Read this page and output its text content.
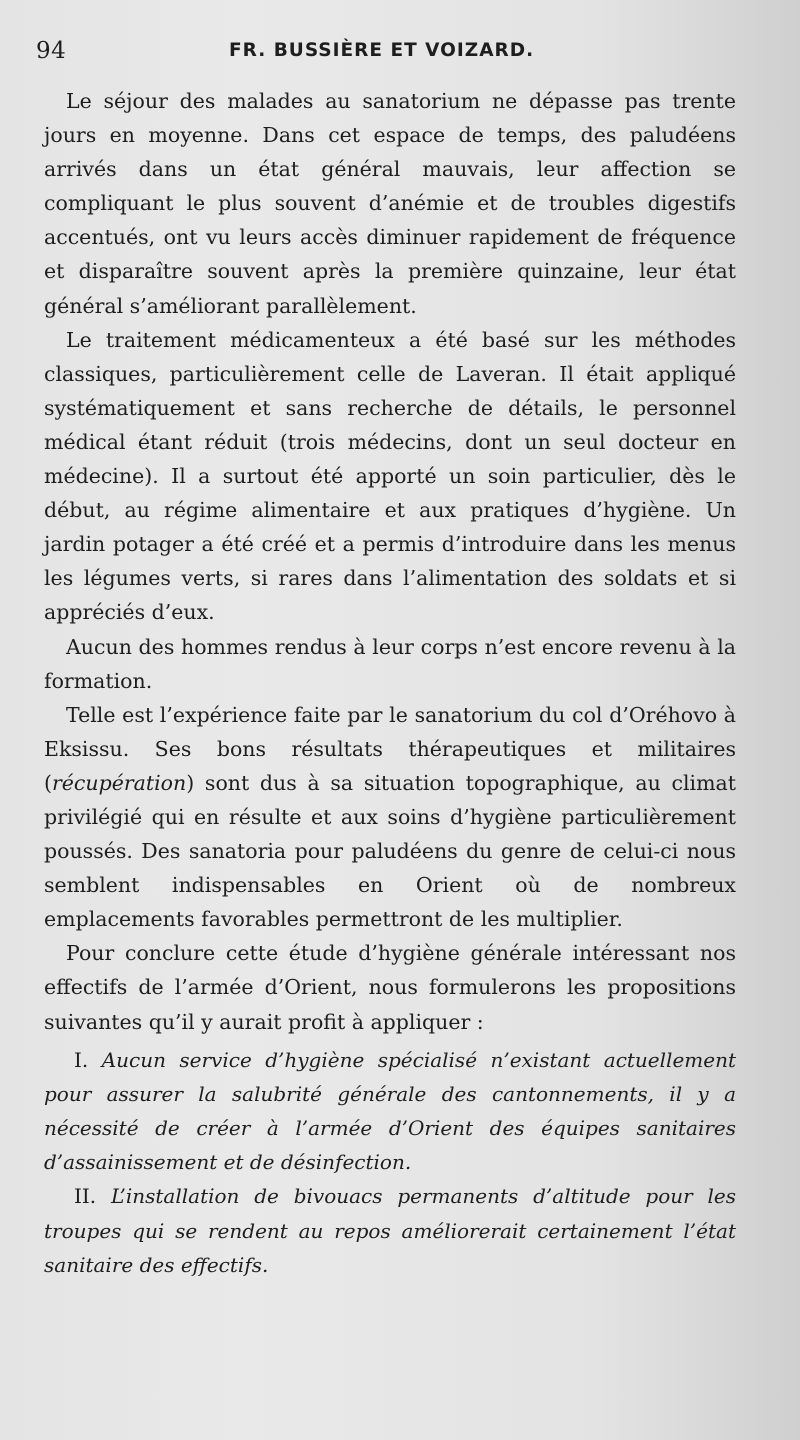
94	FR. BUSSIÈRE ET VOIZARD.

Le séjour des malades au sanatorium ne dépasse pas trente jours en moyenne. Dans cet espace de temps, des paludéens arrivés dans un état général mauvais, leur affection se compliquant le plus souvent d’anémie et de troubles digestifs accentués, ont vu leurs accès diminuer rapidement de fréquence et disparaître souvent après la première quinzaine, leur état général s’améliorant parallèlement.

Le traitement médicamenteux a été basé sur les méthodes classiques, particulièrement celle de Laveran. Il était appliqué systématiquement et sans recherche de détails, le personnel médical étant réduit (trois médecins, dont un seul docteur en médecine). Il a surtout été apporté un soin particulier, dès le début, au régime alimentaire et aux pratiques d’hygiène. Un jardin potager a été créé et a permis d’introduire dans les menus les légumes verts, si rares dans l’alimentation des soldats et si appréciés d’eux.

Aucun des hommes rendus à leur corps n’est encore revenu à la formation.

Telle est l’expérience faite par le sanatorium du col d’Oréhovo à Eksissu. Ses bons résultats thérapeutiques et militaires (récupération) sont dus à sa situation topographique, au climat privilégié qui en résulte et aux soins d’hygiène particulièrement poussés. Des sanatoria pour paludéens du genre de celui-ci nous semblent indispensables en Orient où de nombreux emplacements favorables permettront de les multiplier.

Pour conclure cette étude d’hygiène générale intéressant nos effectifs de l’armée d’Orient, nous formulerons les propositions suivantes qu’il y aurait profit à appliquer :

I. Aucun service d’hygiène spécialisé n’existant actuellement pour assurer la salubrité générale des cantonnements, il y a nécessité de créer à l’armée d’Orient des équipes sanitaires d’assainissement et de désinfection.

II. L’installation de bivouacs permanents d’altitude pour les troupes qui se rendent au repos améliorerait certainement l’état sanitaire des effectifs.
